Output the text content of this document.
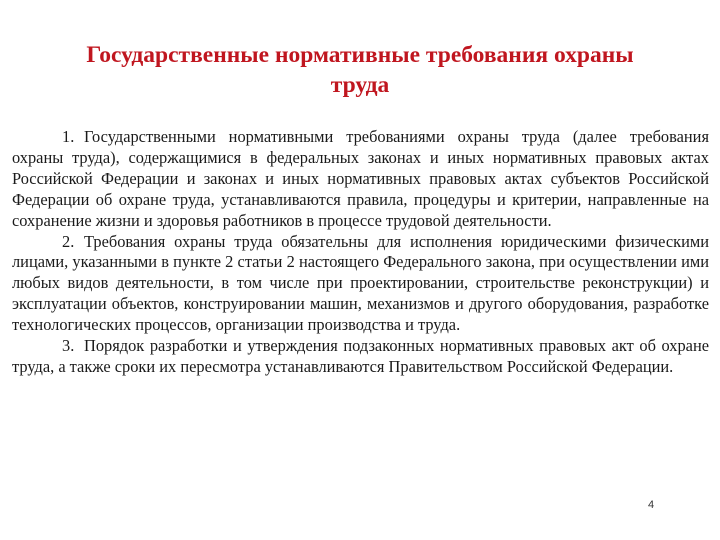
Государственные нормативные требования охраны
труда

1. Государственными нормативными требованиями охраны труда (далее требования охраны труда), содержащимися в федеральных законах и иных нормативных правовых актах Российской Федерации и законах и иных нормативных правовых актах субъектов Российской Федерации об охране труда, устанавливаются правила, процедуры и критерии, направленные на сохранение жизни и здоровья работников в процессе трудовой деятельности.

2. Требования охраны труда обязательны для исполнения юридическими физическими лицами, указанными в пункте 2 статьи 2 настоящего Федерального закона, при осуществлении ими любых видов деятельности, в том числе при проектировании, строительстве реконструкции) и эксплуатации объектов, конструировании машин, механизмов и другого оборудования, разработке технологических процессов, организации производства и труда.

3. Порядок разработки и утверждения подзаконных нормативных правовых акт об охране труда, а также сроки их пересмотра устанавливаются Правительством Российской Федерации.

4
